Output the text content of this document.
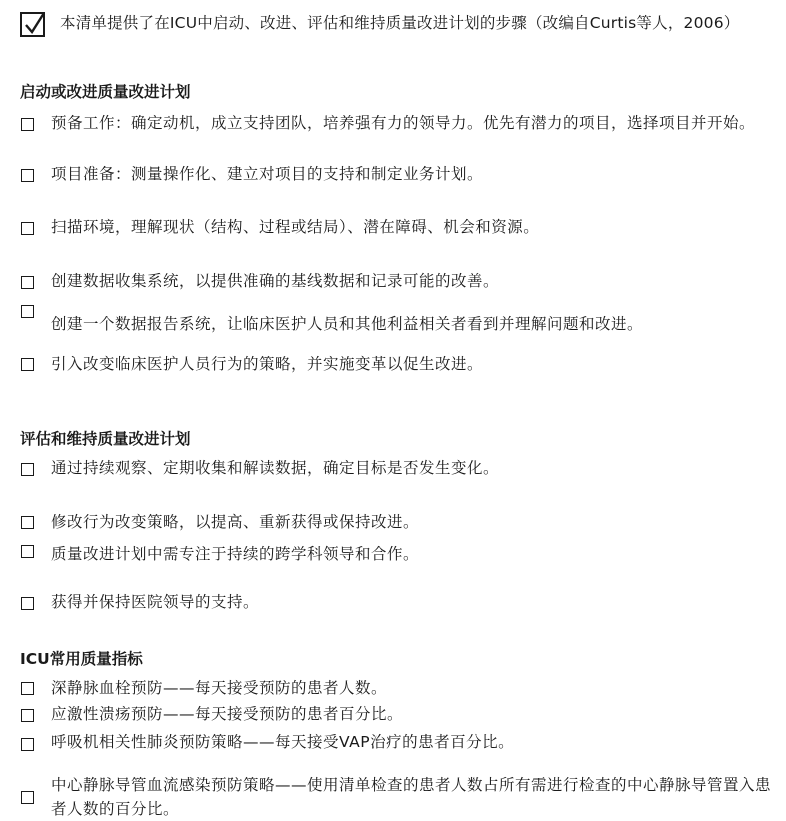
本清单提供了在ICU中启动、改进、评估和维持质量改进计划的步骤（改编自Curtis等人，2006）
启动或改进质量改进计划
预备工作：确定动机，成立支持团队，培养强有力的领导力。优先有潜力的项目，选择项目并开始。
项目准备：测量操作化、建立对项目的支持和制定业务计划。
扫描环境，理解现状（结构、过程或结局）、潜在障碍、机会和资源。
创建数据收集系统，以提供准确的基线数据和记录可能的改善。
创建一个数据报告系统，让临床医护人员和其他利益相关者看到并理解问题和改进。
引入改变临床医护人员行为的策略，并实施变革以促生改进。
评估和维持质量改进计划
通过持续观察、定期收集和解读数据，确定目标是否发生变化。
修改行为改变策略，以提高、重新获得或保持改进。
质量改进计划中需专注于持续的跨学科领导和合作。
获得并保持医院领导的支持。
ICU常用质量指标
深静脉血栓预防——每天接受预防的患者人数。
应激性溃疡预防——每天接受预防的患者百分比。
呼吸机相关性肺炎预防策略——每天接受VAP治疗的患者百分比。
中心静脉导管血流感染预防策略——使用清单检查的患者人数占所有需进行检查的中心静脉导管置入患者人数的百分比。
